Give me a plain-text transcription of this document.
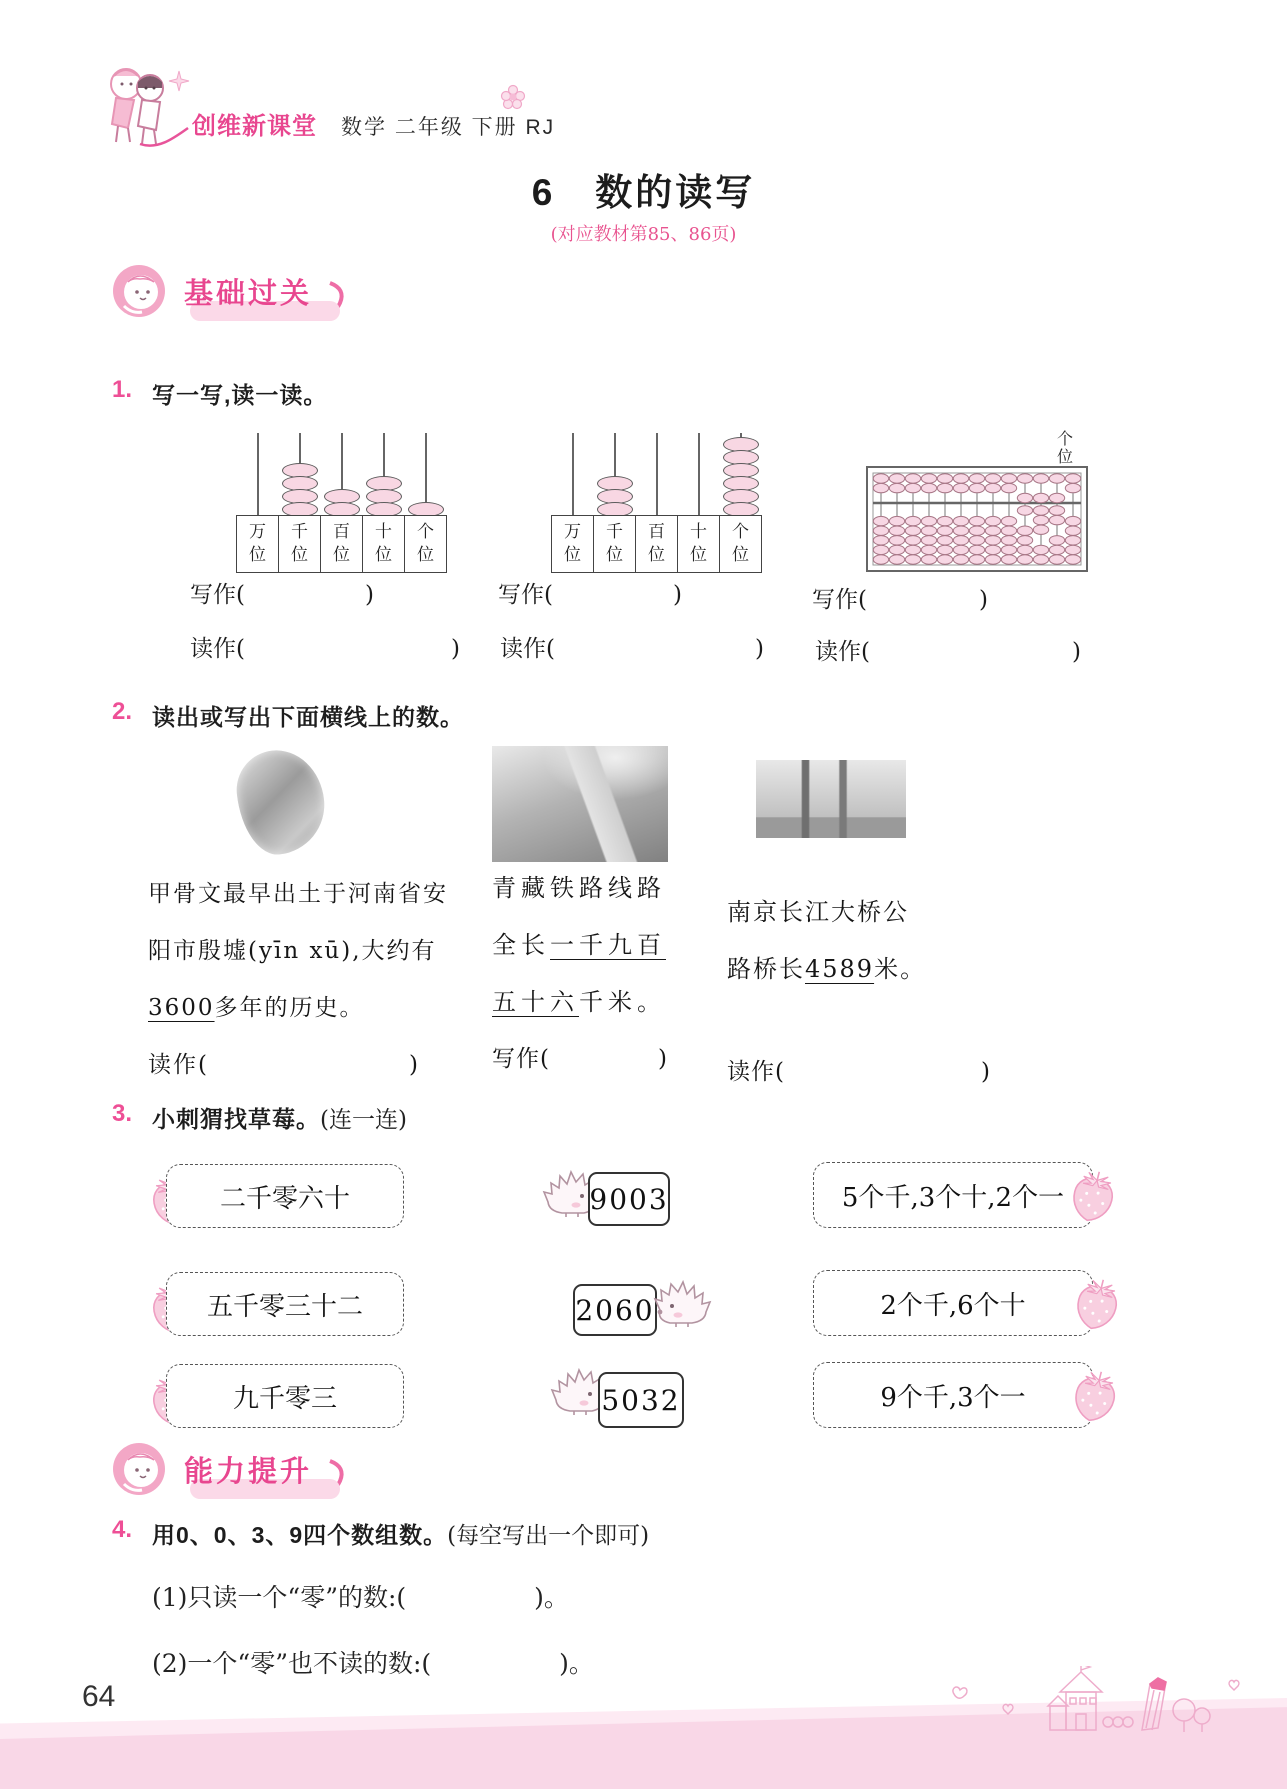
创维新课堂 数学 二年级 下册 RJ
6  数的读写
(对应教材第85、86页)
基础过关
1. 写一写,读一读。
万位
千位
百位
十位
个位
万位
千位
百位
十位
个位
个位
写作(	)	写作(	)	写作(	)
读作(	) 读作(	) 读作(	)
2. 读出或写出下面横线上的数。
甲骨文最早出土于河南省安阳市殷墟(yīn xū),大约有3600多年的历史。
读作(	)
青藏铁路线路全长一千九百五十六千米。
写作(	)
南京长江大桥公路桥长4589米。
读作(	)
3. 小刺猬找草莓。(连一连)
二千零六十	9003	5个千,3个十,2个一
五千零三十二	2060	2个千,6个十
九千零三	5032	9个千,3个一
能力提升
4. 用0、0、3、9四个数组数。(每空写出一个即可)
(1)只读一个“零”的数:(	)。
(2)一个“零”也不读的数:(	)。
64
